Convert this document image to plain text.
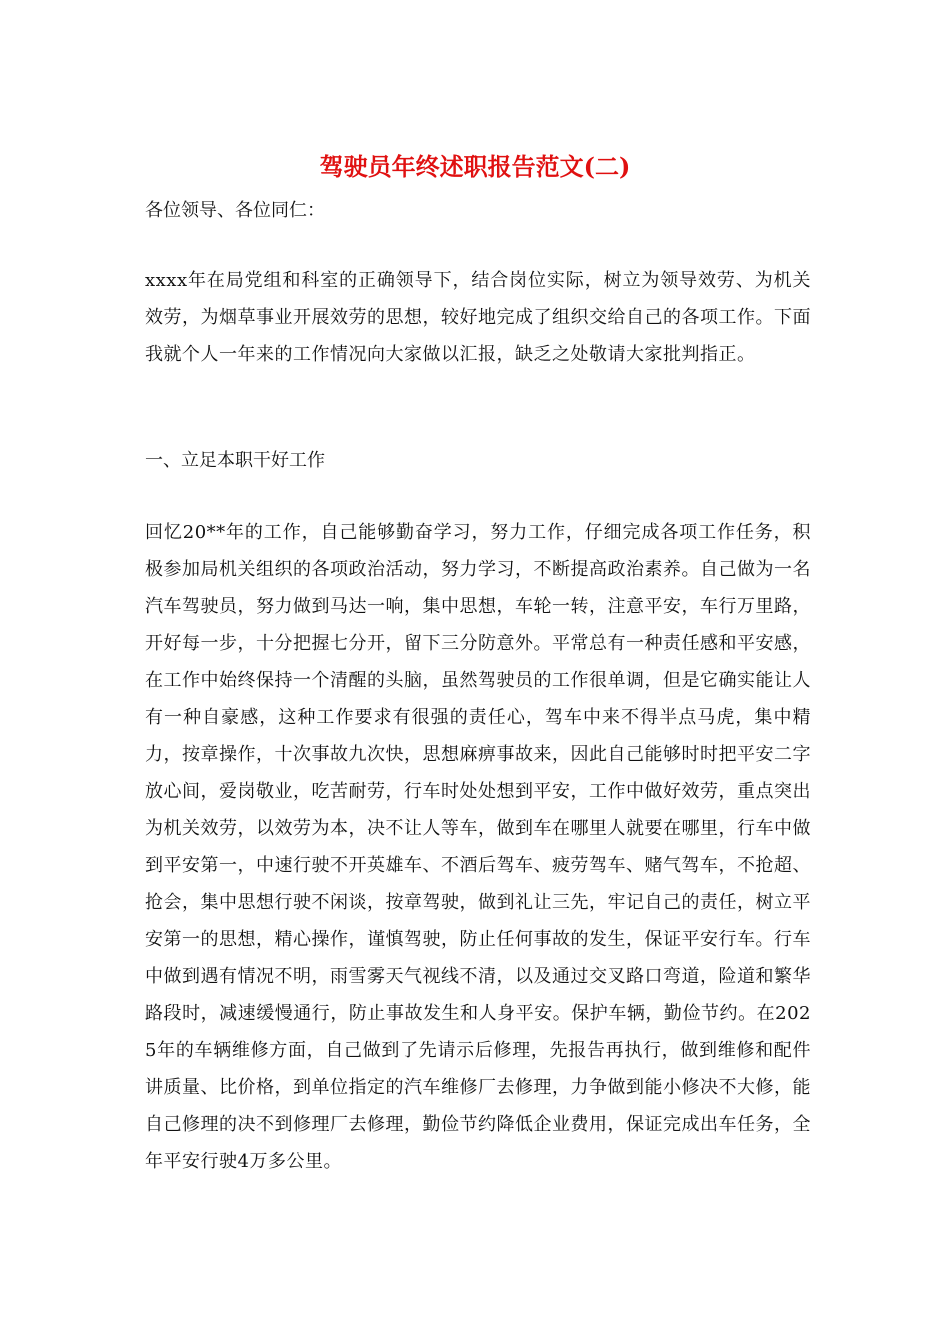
驾驶员年终述职报告范文(二)

各位领导、各位同仁：

xxxx年在局党组和科室的正确领导下，结合岗位实际，树立为领导效劳、为机关效劳，为烟草事业开展效劳的思想，较好地完成了组织交给自己的各项工作。下面我就个人一年来的工作情况向大家做以汇报，缺乏之处敬请大家批判指正。

一、立足本职干好工作

回忆20**年的工作，自己能够勤奋学习，努力工作，仔细完成各项工作任务，积极参加局机关组织的各项政治活动，努力学习，不断提高政治素养。自己做为一名汽车驾驶员，努力做到马达一响，集中思想，车轮一转，注意平安，车行万里路，开好每一步，十分把握七分开，留下三分防意外。平常总有一种责任感和平安感，在工作中始终保持一个清醒的头脑，虽然驾驶员的工作很单调，但是它确实能让人有一种自豪感，这种工作要求有很强的责任心，驾车中来不得半点马虎，集中精力，按章操作，十次事故九次快，思想麻痹事故来，因此自己能够时时把平安二字放心间，爱岗敬业，吃苦耐劳，行车时处处想到平安，工作中做好效劳，重点突出为机关效劳，以效劳为本，决不让人等车，做到车在哪里人就要在哪里，行车中做到平安第一，中速行驶不开英雄车、不酒后驾车、疲劳驾车、赌气驾车，不抢超、抢会，集中思想行驶不闲谈，按章驾驶，做到礼让三先，牢记自己的责任，树立平安第一的思想，精心操作，谨慎驾驶，防止任何事故的发生，保证平安行车。行车中做到遇有情况不明，雨雪雾天气视线不清，以及通过交叉路口弯道，险道和繁华路段时，减速缓慢通行，防止事故发生和人身平安。保护车辆，勤俭节约。在2025年的车辆维修方面，自己做到了先请示后修理，先报告再执行，做到维修和配件讲质量、比价格，到单位指定的汽车维修厂去修理，力争做到能小修决不大修，能自己修理的决不到修理厂去修理，勤俭节约降低企业费用，保证完成出车任务，全年平安行驶4万多公里。
